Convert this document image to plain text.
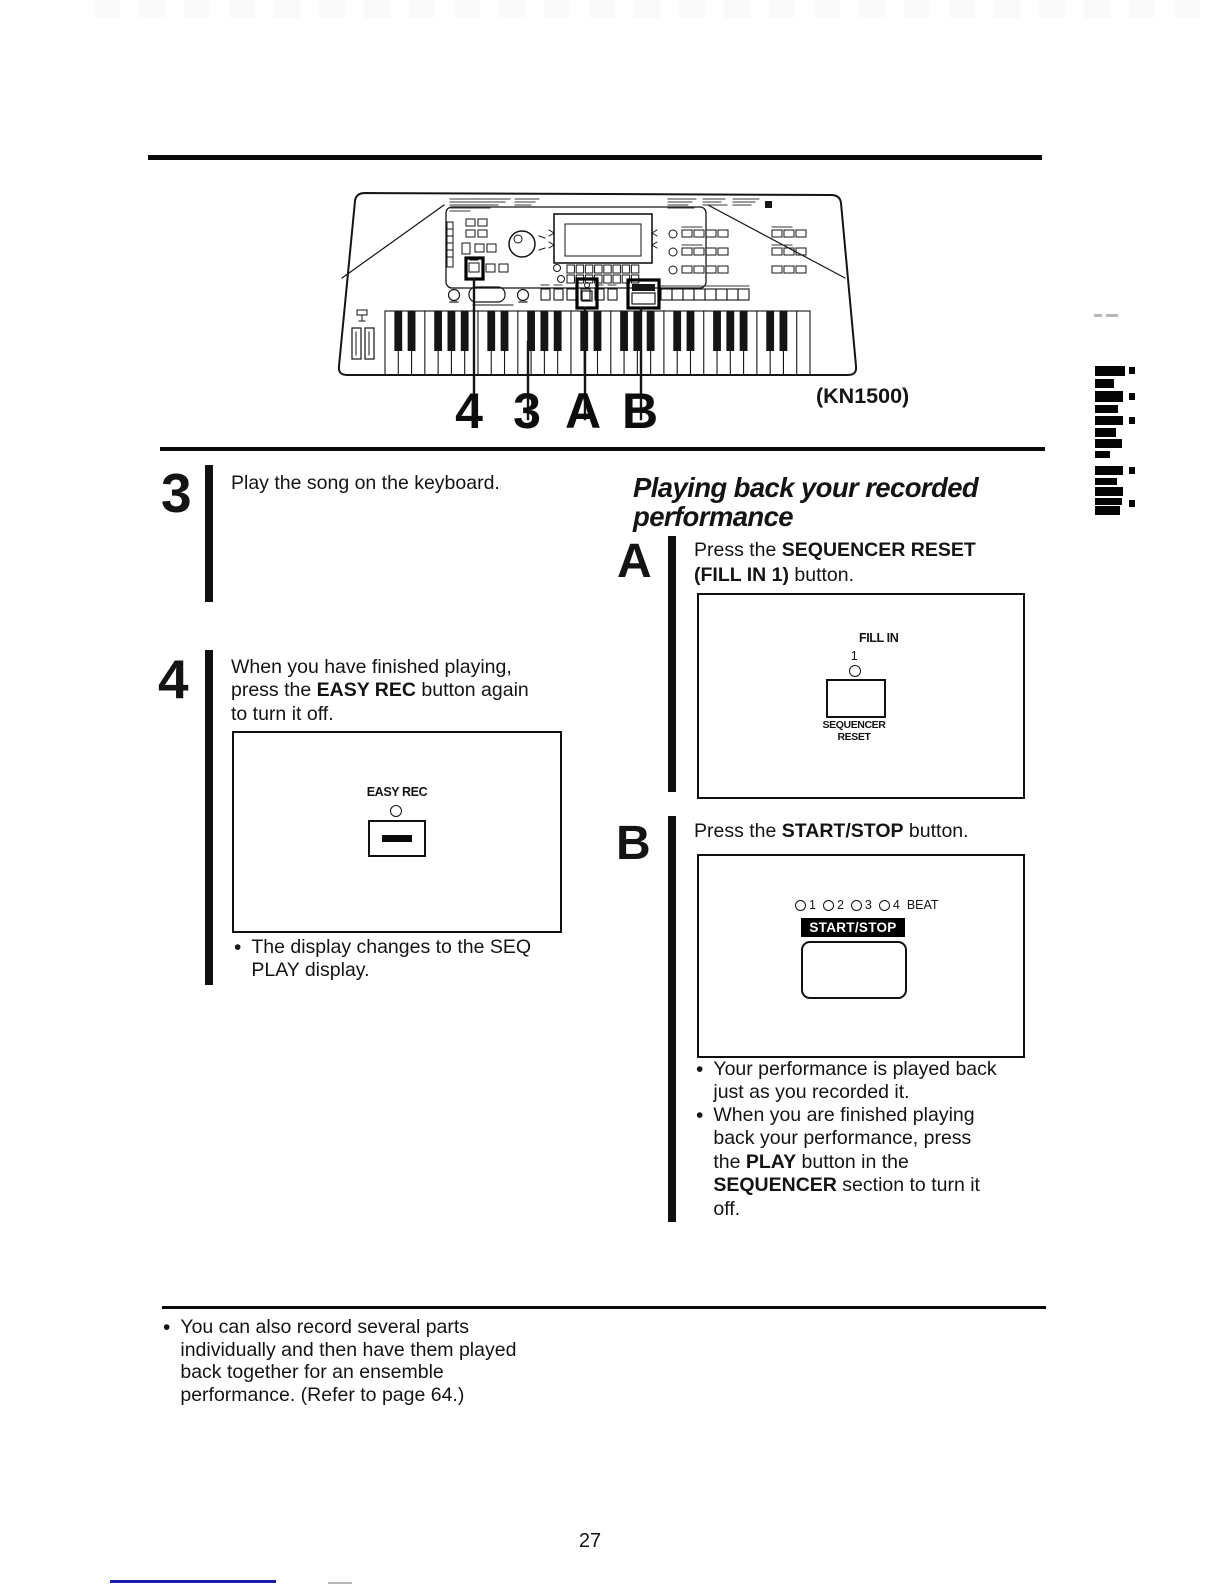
4 3 A B	(KN1500)
3 Play the song on the keyboard.
4 When you have finished playing,
press the EASY REC button again
to turn it off.
EASY REC
• The display changes to the SEQ
PLAY display.
Playing back your recorded
performance
A Press the SEQUENCER RESET
(FILL IN 1) button.
FILL IN
1
SEQUENCER
RESET
B Press the START/STOP button.
1 2 3 4 BEAT
START/STOP
• Your performance is played back
just as you recorded it.
• When you are finished playing
back your performance, press
the PLAY button in the
SEQUENCER section to turn it
off.
• You can also record several parts
individually and then have them played
back together for an ensemble
performance. (Refer to page 64.)
27
